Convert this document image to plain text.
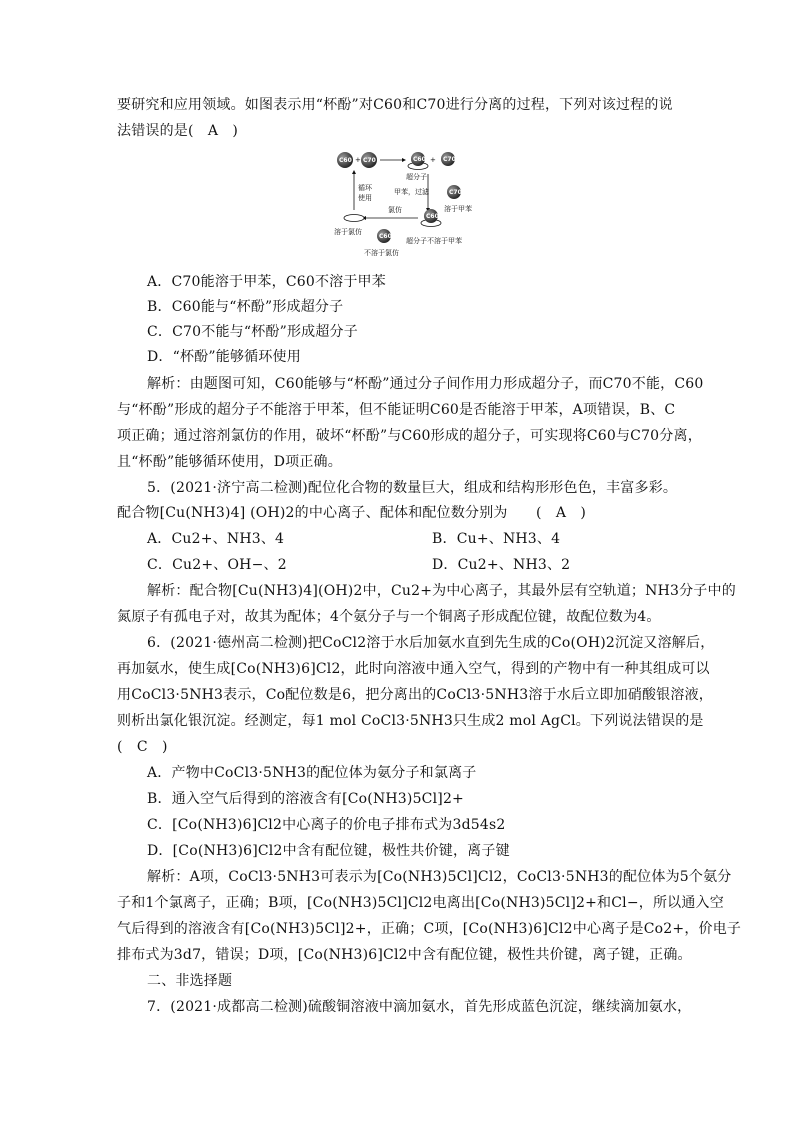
要研究和应用领域。如图表示用“杯酚”对C60和C70进行分离的过程，下列对该过程的说
法错误的是(　A　)
C60 + C70	C60 + C70
超分子
甲苯，过滤	C70
溶于甲苯
C60
超分子不溶于甲苯
氯仿
C60
不溶于氯仿
溶于氯仿
循环
使用
A．C70能溶于甲苯，C60不溶于甲苯
B．C60能与“杯酚”形成超分子
C．C70不能与“杯酚”形成超分子
D．“杯酚”能够循环使用
解析：由题图可知，C60能够与“杯酚”通过分子间作用力形成超分子，而C70不能，C60
与“杯酚”形成的超分子不能溶于甲苯，但不能证明C60是否能溶于甲苯，A项错误，B、C
项正确；通过溶剂氯仿的作用，破坏“杯酚”与C60形成的超分子，可实现将C60与C70分离，
且“杯酚”能够循环使用，D项正确。
5．(2021·济宁高二检测)配位化合物的数量巨大，组成和结构形形色色，丰富多彩。
配合物[Cu(NH3)4] (OH)2的中心离子、配体和配位数分别为　　(　A　)
A．Cu2+、NH3、4	B．Cu+、NH3、4
C．Cu2+、OH−、2	D．Cu2+、NH3、2
解析：配合物[Cu(NH3)4](OH)2中，Cu2+为中心离子，其最外层有空轨道；NH3分子中的
氮原子有孤电子对，故其为配体；4个氨分子与一个铜离子形成配位键，故配位数为4。
6．(2021·德州高二检测)把CoCl2溶于水后加氨水直到先生成的Co(OH)2沉淀又溶解后，
再加氨水，使生成[Co(NH3)6]Cl2，此时向溶液中通入空气，得到的产物中有一种其组成可以
用CoCl3·5NH3表示，Co配位数是6，把分离出的CoCl3·5NH3溶于水后立即加硝酸银溶液，
则析出氯化银沉淀。经测定，每1 mol CoCl3·5NH3只生成2 mol AgCl。下列说法错误的是
(　C　)
A．产物中CoCl3·5NH3的配位体为氨分子和氯离子
B．通入空气后得到的溶液含有[Co(NH3)5Cl]2+
C．[Co(NH3)6]Cl2中心离子的价电子排布式为3d54s2
D．[Co(NH3)6]Cl2中含有配位键，极性共价键，离子键
解析：A项，CoCl3·5NH3可表示为[Co(NH3)5Cl]Cl2，CoCl3·5NH3的配位体为5个氨分
子和1个氯离子，正确；B项，[Co(NH3)5Cl]Cl2电离出[Co(NH3)5Cl]2+和Cl−，所以通入空
气后得到的溶液含有[Co(NH3)5Cl]2+，正确；C项，[Co(NH3)6]Cl2中心离子是Co2+，价电子
排布式为3d7，错误；D项，[Co(NH3)6]Cl2中含有配位键，极性共价键，离子键，正确。
二、非选择题
7．(2021·成都高二检测)硫酸铜溶液中滴加氨水，首先形成蓝色沉淀，继续滴加氨水，
